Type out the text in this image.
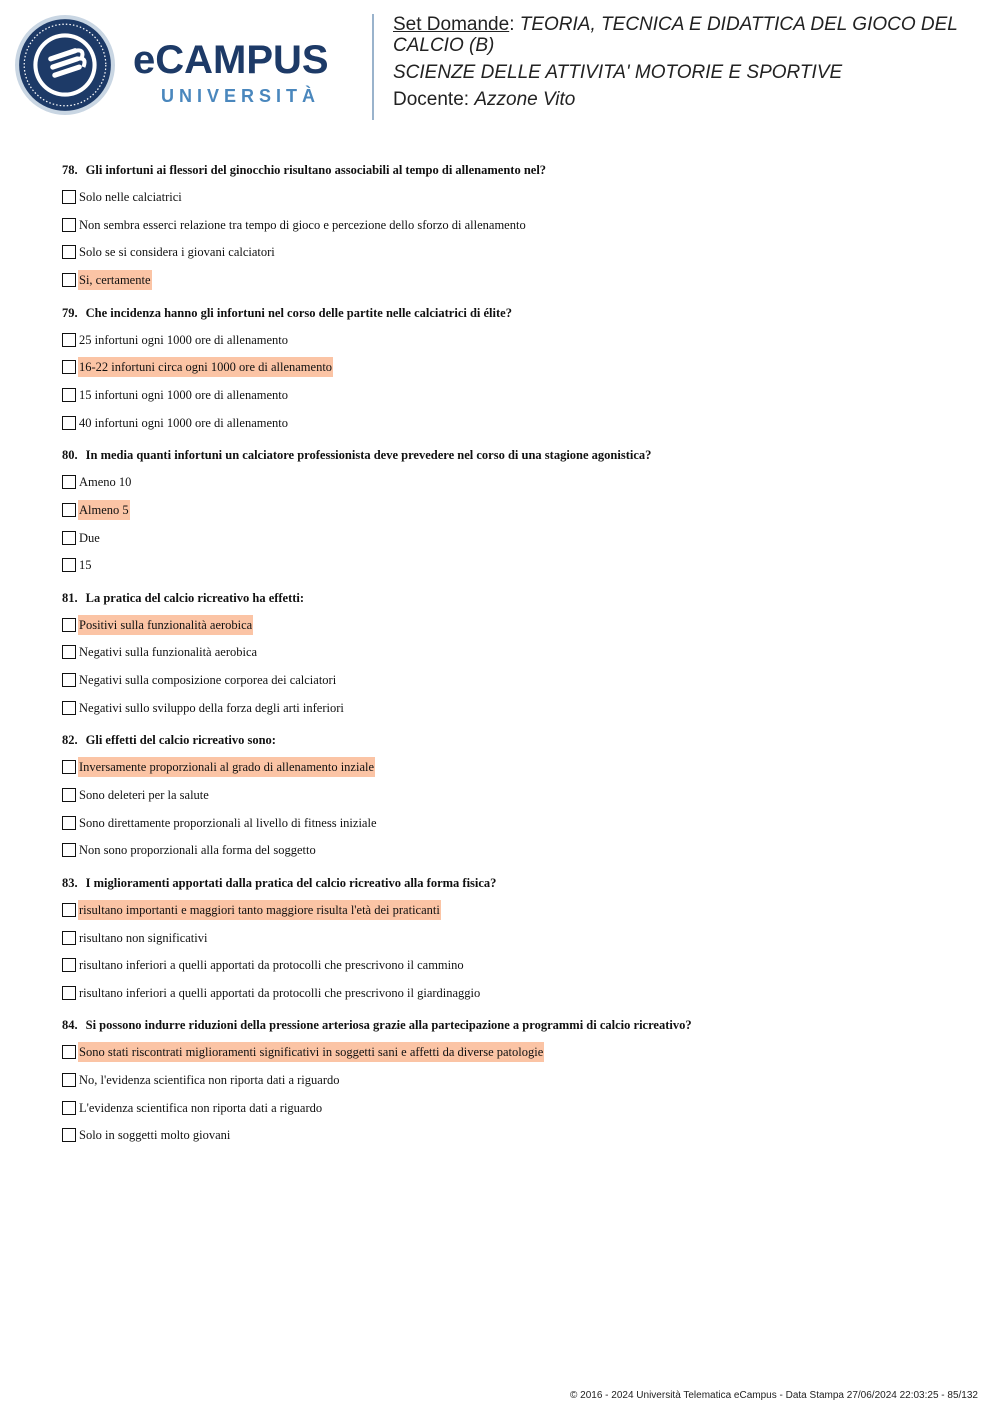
eCAMPUS
UNIVERSITÀ
Set Domande: TEORIA, TECNICA E DIDATTICA DEL GIOCO DEL CALCIO (B)
SCIENZE DELLE ATTIVITA' MOTORIE E SPORTIVE
Docente: Azzone Vito
78. Gli infortuni ai flessori del ginocchio risultano associabili al tempo di allenamento nel?
Solo nelle calciatrici
Non sembra esserci relazione tra tempo di gioco e percezione dello sforzo di allenamento
Solo se si considera i giovani calciatori
Si, certamente
79. Che incidenza hanno gli infortuni nel corso delle partite nelle calciatrici di élite?
25 infortuni ogni 1000 ore di allenamento
16-22 infortuni circa ogni 1000 ore di allenamento
15 infortuni ogni 1000 ore di allenamento
40 infortuni ogni 1000 ore di allenamento
80. In media quanti infortuni un calciatore professionista deve prevedere nel corso di una stagione agonistica?
Ameno 10
Almeno 5
Due
15
81. La pratica del calcio ricreativo ha effetti:
Positivi sulla funzionalità aerobica
Negativi sulla funzionalità aerobica
Negativi sulla composizione corporea dei calciatori
Negativi sullo sviluppo della forza degli arti inferiori
82. Gli effetti del calcio ricreativo sono:
Inversamente proporzionali al grado di allenamento inziale
Sono deleteri per la salute
Sono direttamente proporzionali al livello di fitness iniziale
Non sono proporzionali alla forma del soggetto
83. I miglioramenti apportati dalla pratica del calcio ricreativo alla forma fisica?
risultano importanti e maggiori tanto maggiore risulta l'età dei praticanti
risultano non significativi
risultano inferiori a quelli apportati da protocolli che prescrivono il cammino
risultano inferiori a quelli apportati da protocolli che prescrivono il giardinaggio
84. Si possono indurre riduzioni della pressione arteriosa grazie alla partecipazione a programmi di calcio ricreativo?
Sono stati riscontrati miglioramenti significativi in soggetti sani e affetti da diverse patologie
No, l'evidenza scientifica non riporta dati a riguardo
L'evidenza scientifica non riporta dati a riguardo
Solo in soggetti molto giovani
© 2016 - 2024 Università Telematica eCampus - Data Stampa 27/06/2024 22:03:25 - 85/132
